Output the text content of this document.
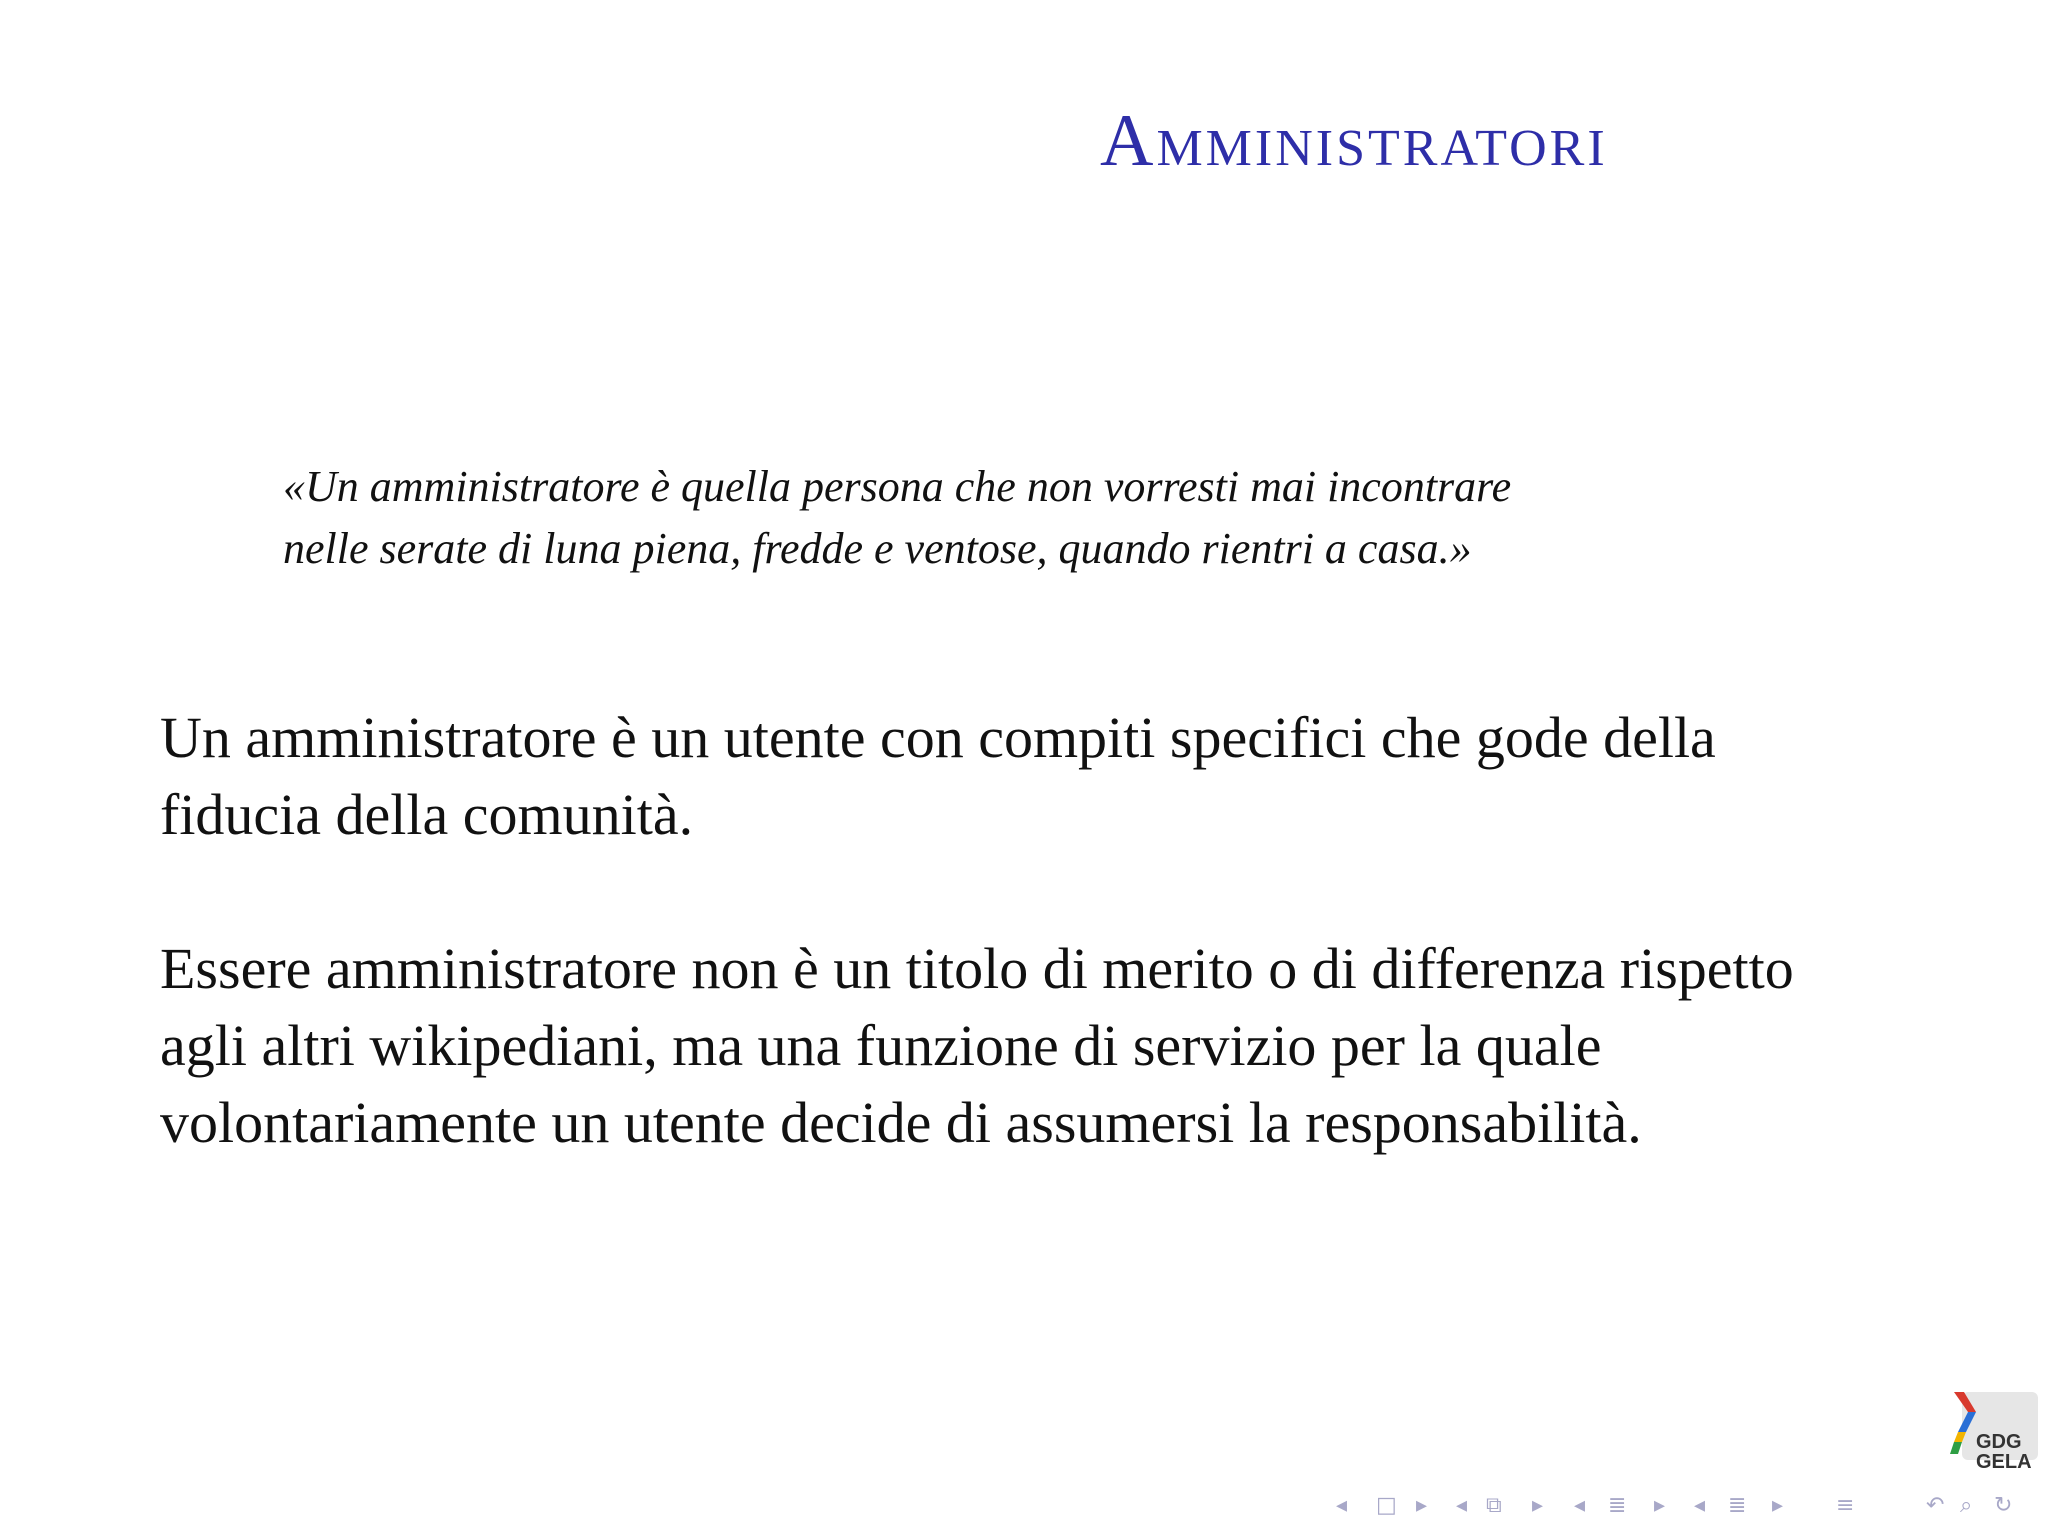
Amministratori
«Un amministratore è quella persona che non vorresti mai incontrare
nelle serate di luna piena, fredde e ventose, quando rientri a casa.»
Un amministratore è un utente con compiti specifici che gode della
fiducia della comunità.
Essere amministratore non è un titolo di merito o di differenza rispetto
agli altri wikipediani, ma una funzione di servizio per la quale
volontariamente un utente decide di assumersi la responsabilità.
GDG
GELA
◂ □ ▸ ◂ ⧉ ▸ ◂ ≣ ▸ ◂ ≣ ▸ ≡	↶ ⌕ ↻
